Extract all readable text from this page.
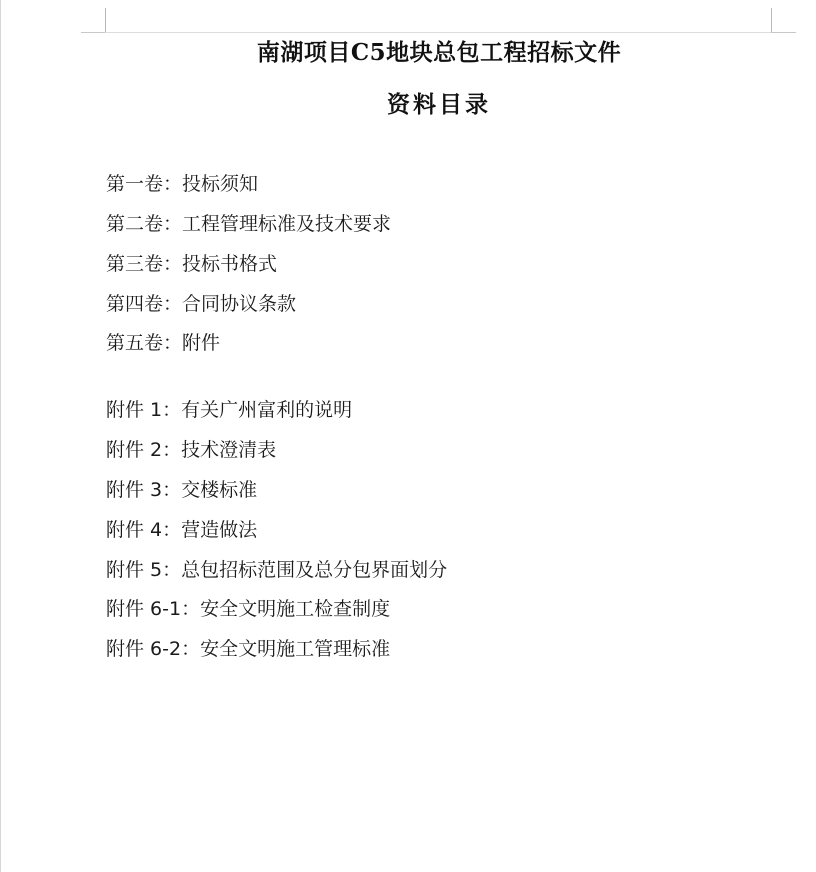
南湖项目C5地块总包工程招标文件
资料目录
第一卷：投标须知
第二卷：工程管理标准及技术要求
第三卷：投标书格式
第四卷：合同协议条款
第五卷：附件
附件 1：有关广州富利的说明
附件 2：技术澄清表
附件 3：交楼标准
附件 4：营造做法
附件 5：总包招标范围及总分包界面划分
附件 6-1：安全文明施工检查制度
附件 6-2：安全文明施工管理标准
